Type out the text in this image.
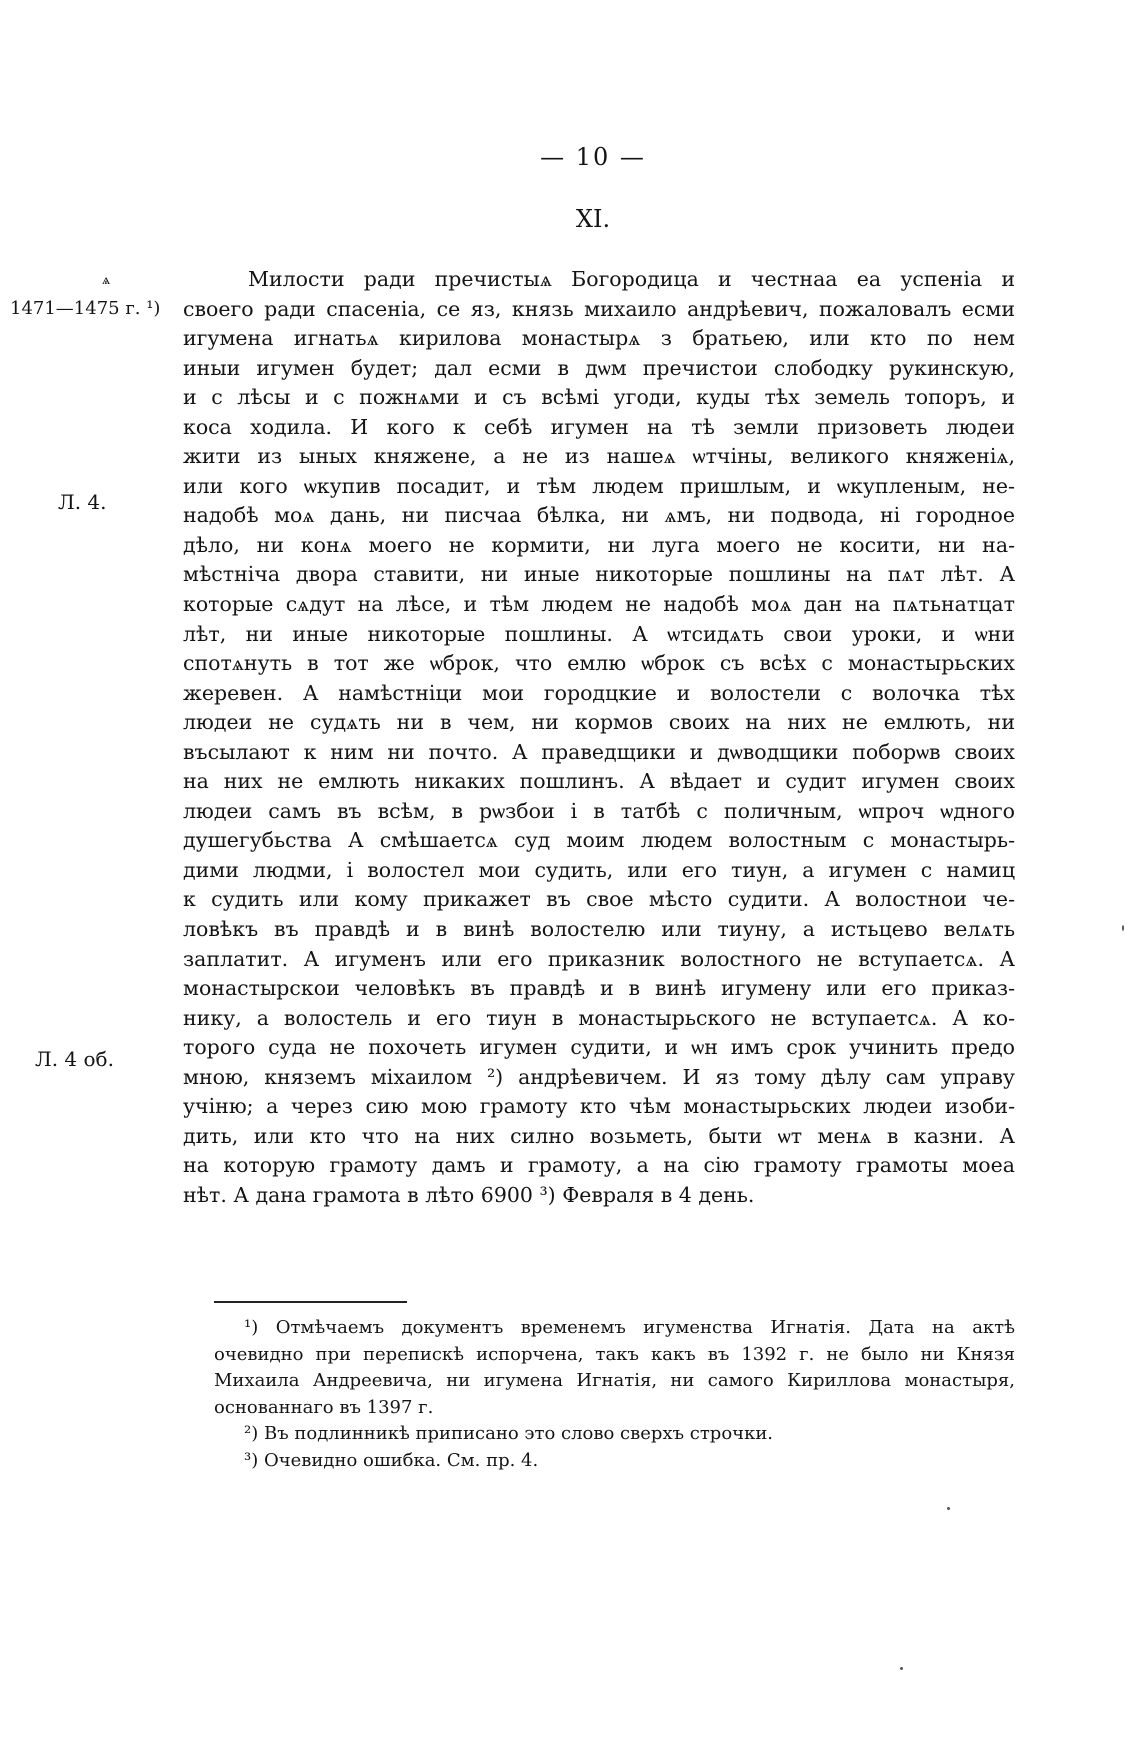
— 10 —
XI.
ѧ
1471—1475 г. ¹)
Л. 4.
Л. 4 об.
Милости ради пречистыѧ Богородица и честнаа ea успеніа и
своего ради спасеніа, се яз, князь михаило андрѣевич, пожаловалъ есми
игумена игнатьѧ кирилова монастырѧ з братьею, или кто по нем
иныи игумен будет; дал есми в дѡм пречистои слободку рукинскую,
и с лѣсы и с пожнѧми и съ всѣмі угоди, куды тѣх земель топоръ, и
коса ходила. И кого к себѣ игумен на тѣ земли призоветь людеи
жити из ыных княжене, а не из нашеѧ ѡтчіны, великого княженіѧ,
или кого ѡкупив посадит, и тѣм людем пришлым, и ѡкупленым, не-
надобѣ моѧ дань, ни писчаа бѣлка, ни ѧмъ, ни подвода, ні городное
дѣло, ни конѧ моего не кормити, ни луга моего не косити, ни на-
мѣстніча двора ставити, ни иные никоторые пошлины на пѧт лѣт. А
которые сѧдут на лѣсе, и тѣм людем не надобѣ моѧ дан на пѧтьнатцат
лѣт, ни иные никоторые пошлины. А ѡтсидѧть свои уроки, и ѡни
спотѧнуть в тот же ѡброк, что емлю ѡброк съ всѣх с монастырьских
жеревен. А намѣстніци мои городцкие и волостели с волочка тѣх
людеи не судѧть ни в чем, ни кормов своих на них не емлють, ни
въсылают к ним ни почто. А праведщики и дѡводщики поборѡв своих
на них не емлють никаких пошлинъ. А вѣдает и судит игумен своих
людеи самъ въ всѣм, в рѡзбои і в татбѣ с поличным, ѡпроч ѡдного
душегубьства А смѣшаетсѧ суд моим людем волостным с монастырь-
дими людми, і волостел мои судить, или его тиун, а игумен с намиц
к судить или кому прикажет въ свое мѣсто судити. А волостнои че-
ловѣкъ въ правдѣ и в винѣ волостелю или тиуну, а истьцево велѧть
заплатит. А игуменъ или его приказник волостного не вступаетсѧ. А
монастырскои человѣкъ въ правдѣ и в винѣ игумену или его приказ-
нику, а волостель и его тиун в монастырьского не вступаетсѧ. А ко-
торого суда не похочеть игумен судити, и ѡн имъ срок учинить предо
мною, княземъ міхаилом ²) андрѣевичем. И яз тому дѣлу сам управу
учіню; а через сию мою грамоту кто чѣм монастырьских людеи изоби-
дить, или кто что на них силно возьметь, быти ѡт менѧ в казни. А
на которую грамоту дамъ и грамоту, а на сію грамоту грамоты моеа
нѣт. А дана грамота в лѣто 6900 ³) Февраля в 4 день.
¹) Отмѣчаемъ документъ временемъ игуменства Игнатія. Дата на актѣ
очевидно при перепискѣ испорчена, такъ какъ въ 1392 г. не было ни Князя
Михаила Андреевича, ни игумена Игнатія, ни самого Кириллова монастыря,
основаннаго въ 1397 г.
²) Въ подлинникѣ приписано это слово сверхъ строчки.
³) Очевидно ошибка. См. пр. 4.
